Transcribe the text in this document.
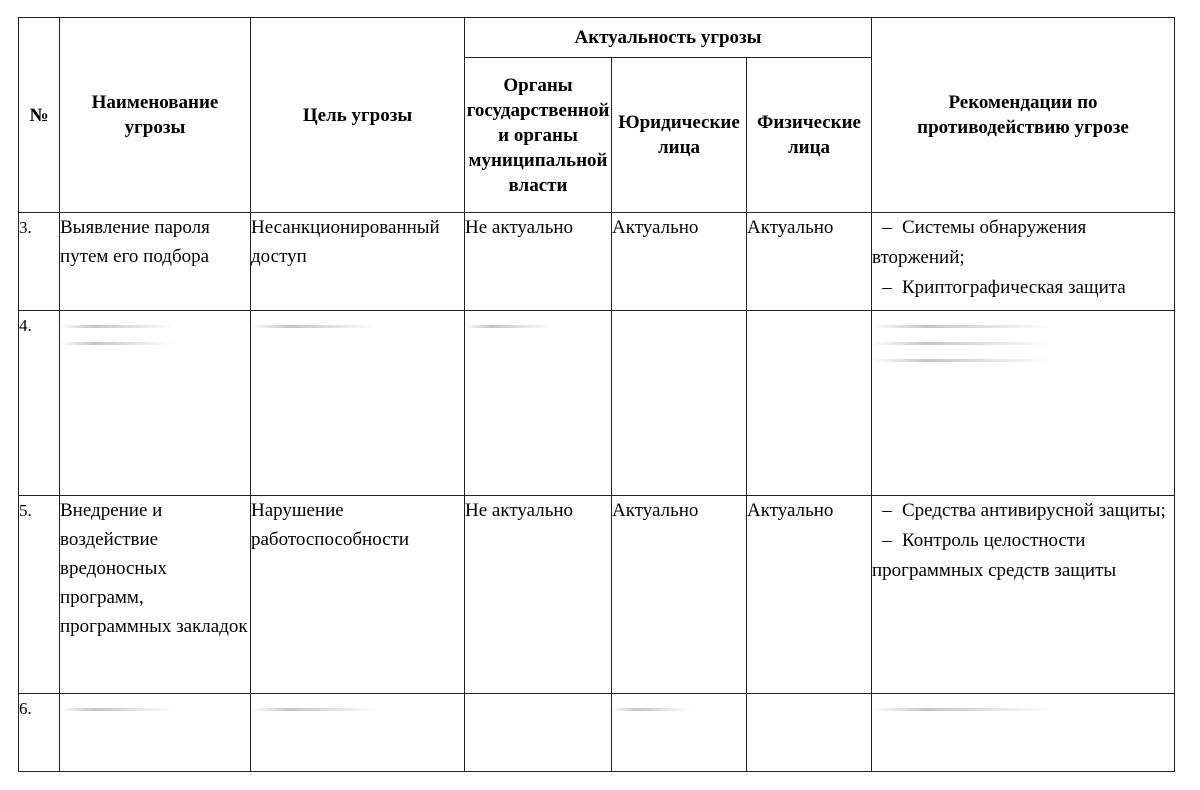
№	Наименование угрозы	Цель угрозы	Актуальность угрозы			Рекомендации по противодействию угрозе
			Органы государственной и органы муниципальной власти	Юридические лица	Физические лица	
3.	Выявление пароля путем его подбора	Несанкционированный доступ	Не актуально	Актуально	Актуально	– Системы обнаружения вторжений;
– Криптографическая защита

4.	

5.	Внедрение и воздействие вредоносных программ, программных закладок	Нарушение работоспособности	Не актуально	Актуально	Актуально	– Средства антивирусной защиты;
– Контроль целостности программных средств защиты

6.	
